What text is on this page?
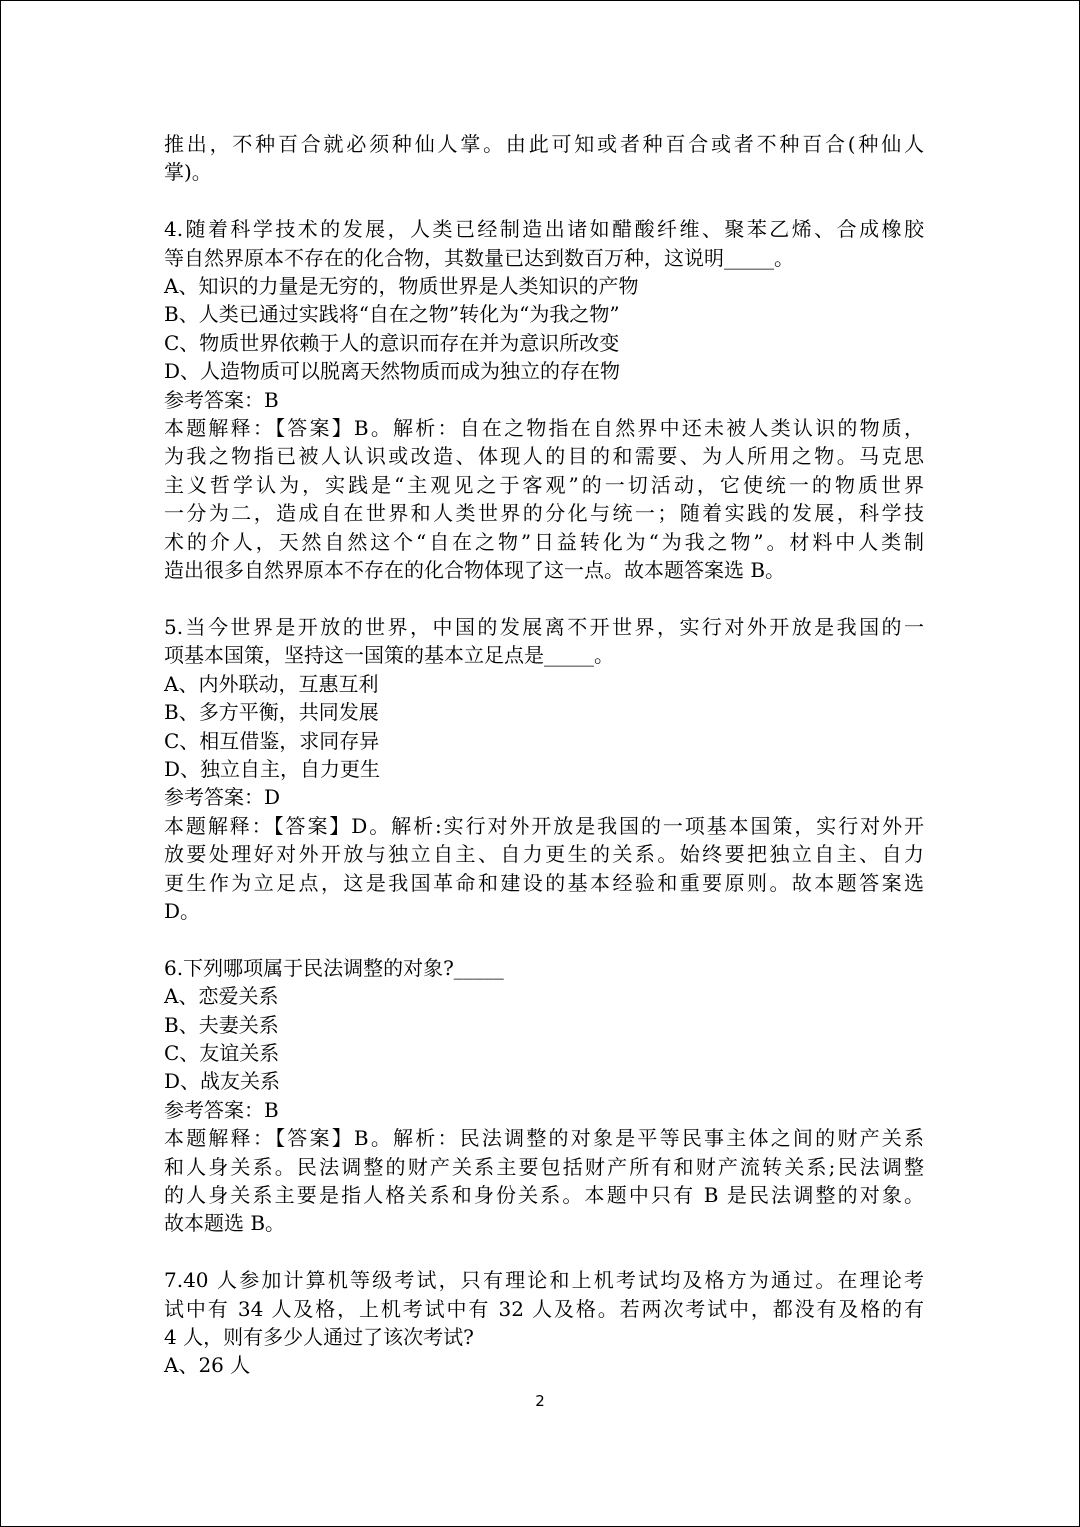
推出，不种百合就必须种仙人掌。由此可知或者种百合或者不种百合(种仙人
掌)。
4.随着科学技术的发展，人类已经制造出诸如醋酸纤维、聚苯乙烯、合成橡胶
等自然界原本不存在的化合物，其数量已达到数百万种，这说明_____。
A、知识的力量是无穷的，物质世界是人类知识的产物
B、人类已通过实践将“自在之物”转化为“为我之物”
C、物质世界依赖于人的意识而存在并为意识所改变
D、人造物质可以脱离天然物质而成为独立的存在物
参考答案：B
本题解释：【答案】B。解析：自在之物指在自然界中还未被人类认识的物质，
为我之物指已被人认识或改造、体现人的目的和需要、为人所用之物。马克思
主义哲学认为，实践是“主观见之于客观”的一切活动，它使统一的物质世界
一分为二，造成自在世界和人类世界的分化与统一；随着实践的发展，科学技
术的介人，天然自然这个“自在之物”日益转化为“为我之物”。材料中人类制
造出很多自然界原本不存在的化合物体现了这一点。故本题答案选 B。
5.当今世界是开放的世界，中国的发展离不开世界，实行对外开放是我国的一
项基本国策，坚持这一国策的基本立足点是_____。
A、内外联动，互惠互利
B、多方平衡，共同发展
C、相互借鉴，求同存异
D、独立自主，自力更生
参考答案：D
本题解释：【答案】D。解析:实行对外开放是我国的一项基本国策，实行对外开
放要处理好对外开放与独立自主、自力更生的关系。始终要把独立自主、自力
更生作为立足点，这是我国革命和建设的基本经验和重要原则。故本题答案选
D。
6.下列哪项属于民法调整的对象?_____
A、恋爱关系
B、夫妻关系
C、友谊关系
D、战友关系
参考答案：B
本题解释：【答案】B。解析：民法调整的对象是平等民事主体之间的财产关系
和人身关系。民法调整的财产关系主要包括财产所有和财产流转关系;民法调整
的人身关系主要是指人格关系和身份关系。本题中只有 B 是民法调整的对象。
故本题选 B。
7.40 人参加计算机等级考试，只有理论和上机考试均及格方为通过。在理论考
试中有 34 人及格，上机考试中有 32 人及格。若两次考试中，都没有及格的有
4 人，则有多少人通过了该次考试?
A、26 人
2
